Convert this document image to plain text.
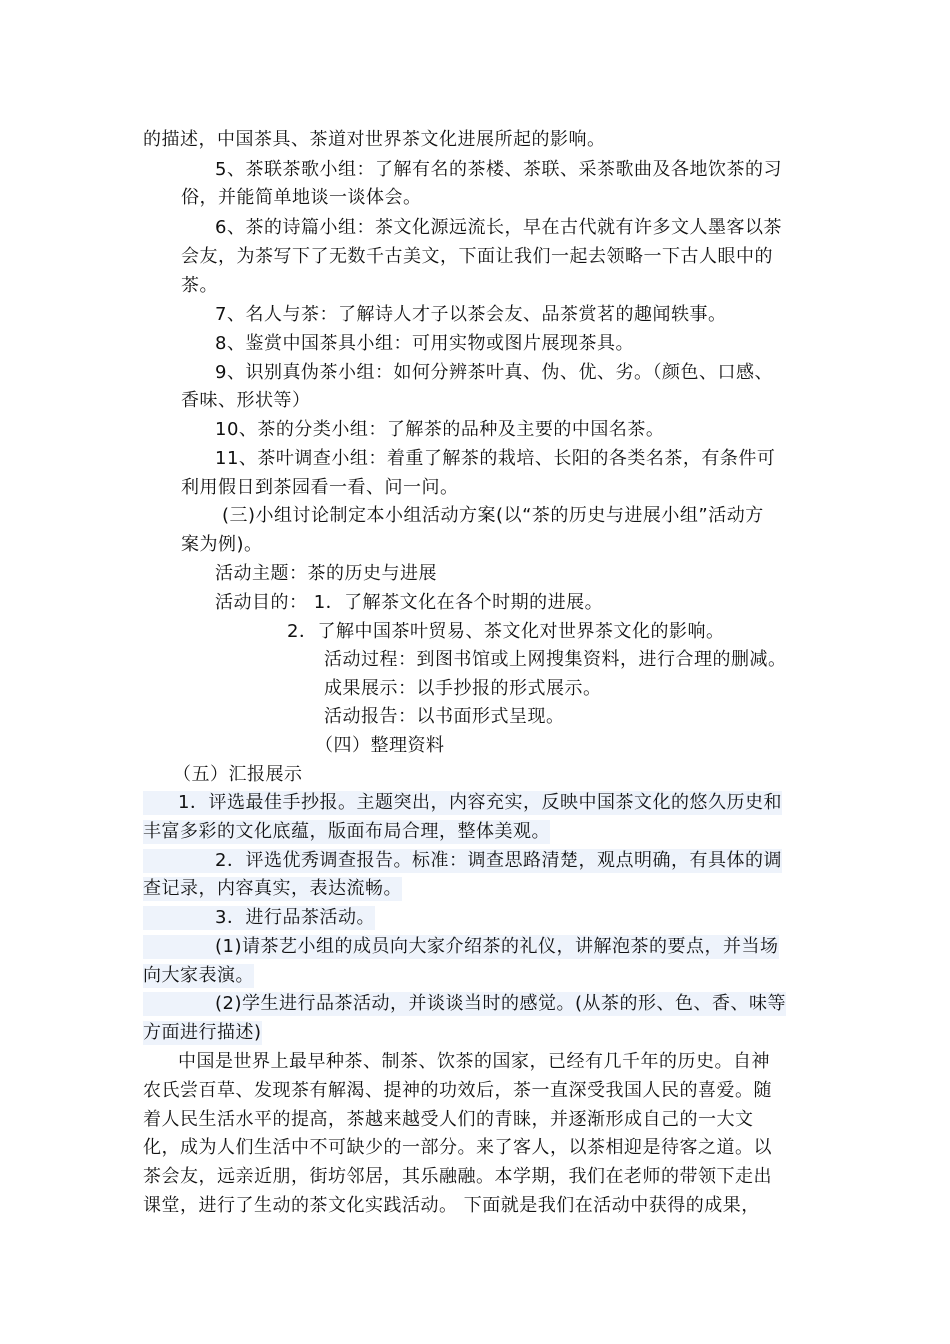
的描述，中国茶具、茶道对世界茶文化进展所起的影响。
5、茶联茶歌小组：了解有名的茶楼、茶联、采茶歌曲及各地饮茶的习
俗，并能简单地谈一谈体会。
6、茶的诗篇小组：茶文化源远流长，早在古代就有许多文人墨客以茶
会友，为茶写下了无数千古美文，下面让我们一起去领略一下古人眼中的
茶。
7、名人与茶：了解诗人才子以茶会友、品茶赏茗的趣闻轶事。
8、鉴赏中国茶具小组：可用实物或图片展现茶具。
9、识别真伪茶小组：如何分辨茶叶真、伪、优、劣。（颜色、口感、
香味、形状等）
10、茶的分类小组：了解茶的品种及主要的中国名茶。
11、茶叶调查小组：着重了解茶的栽培、长阳的各类名茶，有条件可
利用假日到茶园看一看、问一问。
(三)小组讨论制定本小组活动方案(以“茶的历史与进展小组”活动方
案为例)。
活动主题：茶的历史与进展
活动目的： 1．了解茶文化在各个时期的进展。
2．了解中国茶叶贸易、茶文化对世界茶文化的影响。
活动过程：到图书馆或上网搜集资料，进行合理的删减。
成果展示：以手抄报的形式展示。
活动报告：以书面形式呈现。
（四）整理资料
（五）汇报展示
1．评选最佳手抄报。主题突出，内容充实，反映中国茶文化的悠久历史和
丰富多彩的文化底蕴，版面布局合理，整体美观。
2．评选优秀调查报告。标准：调查思路清楚，观点明确，有具体的调
查记录，内容真实，表达流畅。
3．进行品茶活动。
(1)请茶艺小组的成员向大家介绍茶的礼仪，讲解泡茶的要点，并当场
向大家表演。
(2)学生进行品茶活动，并谈谈当时的感觉。(从茶的形、色、香、味等
方面进行描述)
中国是世界上最早种茶、制茶、饮茶的国家，已经有几千年的历史。自神
农氏尝百草、发现茶有解渴、提神的功效后，茶一直深受我国人民的喜爱。随
着人民生活水平的提高，茶越来越受人们的青睐，并逐渐形成自己的一大文
化，成为人们生活中不可缺少的一部分。来了客人，以茶相迎是待客之道。以
茶会友，远亲近朋，街坊邻居，其乐融融。本学期，我们在老师的带领下走出
课堂，进行了生动的茶文化实践活动。 下面就是我们在活动中获得的成果，
